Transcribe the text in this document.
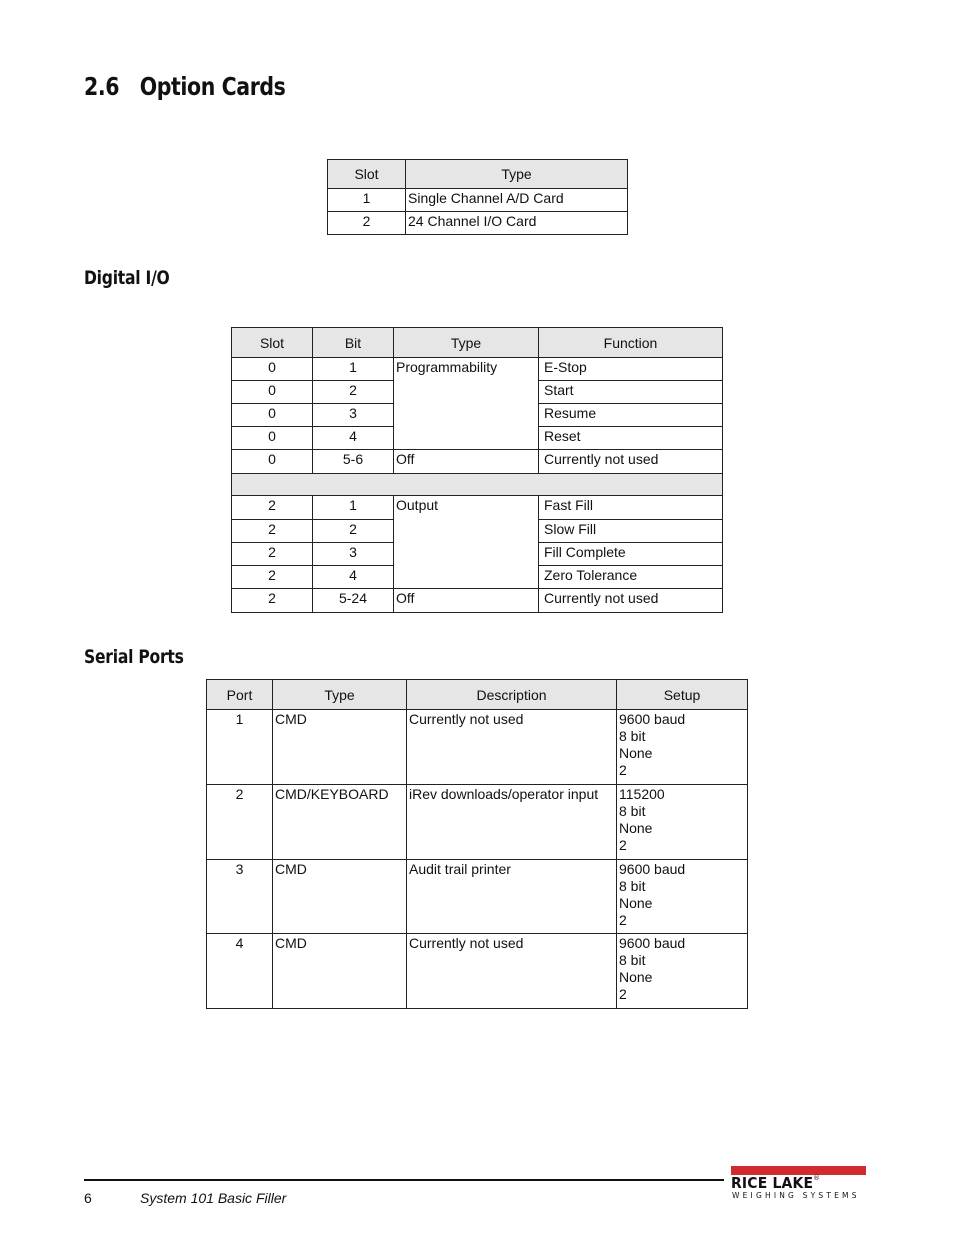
2.6 Option Cards
Slot	Type
1	Single Channel A/D Card
2	24 Channel I/O Card
Digital I/O
Slot	Bit	Type	Function
0	1	Programmability	E-Stop
0	2		Start
0	3		Resume
0	4		Reset
0	5-6	Off	Currently not used

2	1	Output	Fast Fill
2	2		Slow Fill
2	3		Fill Complete
2	4		Zero Tolerance
2	5-24	Off	Currently not used
Serial Ports
Port	Type	Description	Setup
1	CMD	Currently not used	9600 baud
8 bit
None
2

2	CMD/KEYBOARD	iRev downloads/operator input	115200
8 bit
None
2

3	CMD	Audit trail printer	9600 baud
8 bit
None
2

4	CMD	Currently not used	9600 baud
8 bit
None
2
6	System 101 Basic Filler
RICE LAKE®
WEIGHING SYSTEMS
